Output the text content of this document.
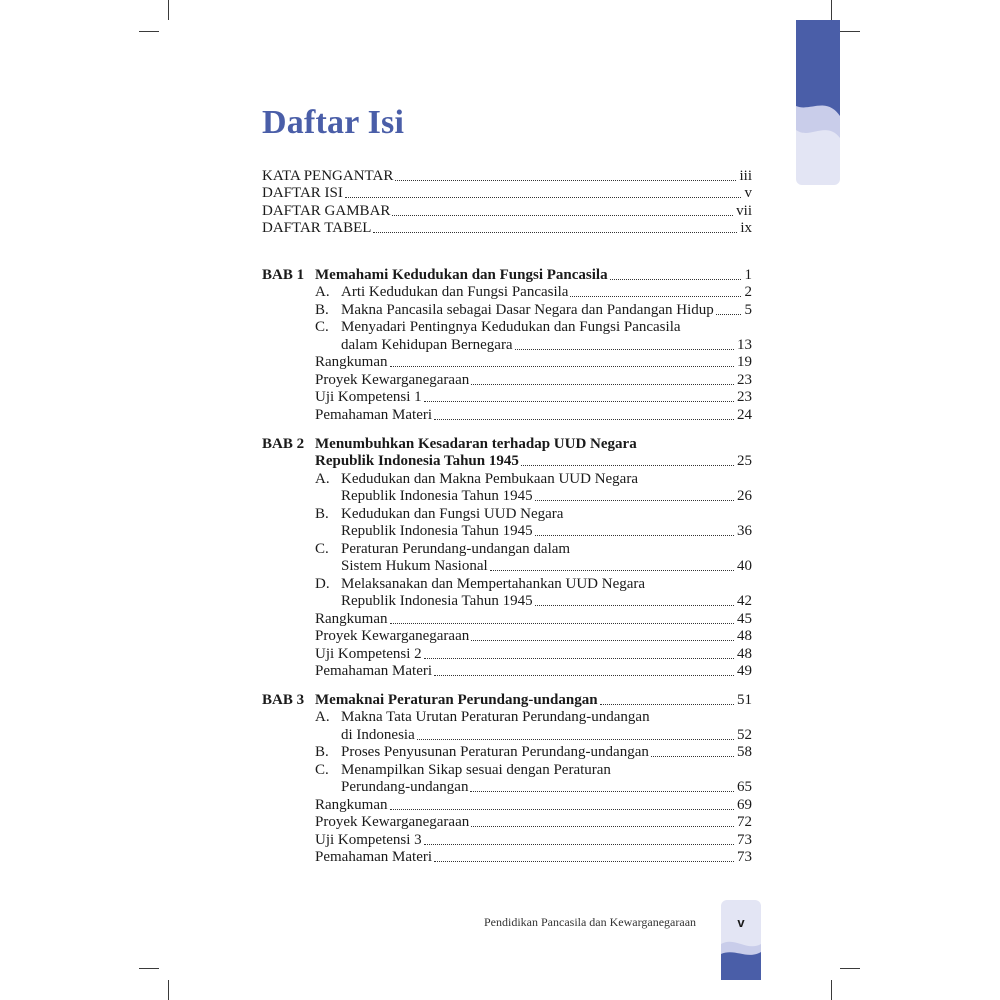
Daftar Isi
KATA PENGANTAR	iii
DAFTAR ISI	v
DAFTAR GAMBAR	vii
DAFTAR TABEL	ix
BAB 1 Memahami Kedudukan dan Fungsi Pancasila	1
A. Arti Kedudukan dan Fungsi Pancasila	2
B. Makna Pancasila sebagai Dasar Negara dan Pandangan Hidup 5
C. Menyadari Pentingnya Kedudukan dan Fungsi Pancasila
dalam Kehidupan Bernegara	13
Rangkuman	19
Proyek Kewarganegaraan	23
Uji Kompetensi 1	23
Pemahaman Materi	24
BAB 2 Menumbuhkan Kesadaran terhadap UUD Negara
Republik Indonesia Tahun 1945	25
A. Kedudukan dan Makna Pembukaan UUD Negara
Republik Indonesia Tahun 1945	26
B. Kedudukan dan Fungsi UUD Negara
Republik Indonesia Tahun 1945	36
C. Peraturan Perundang-undangan dalam
Sistem Hukum Nasional	40
D. Melaksanakan dan Mempertahankan UUD Negara
Republik Indonesia Tahun 1945	42
Rangkuman	45
Proyek Kewarganegaraan	48
Uji Kompetensi 2	48
Pemahaman Materi	49
BAB 3 Memaknai Peraturan Perundang-undangan	51
A. Makna Tata Urutan Peraturan Perundang-undangan
di Indonesia	52
B. Proses Penyusunan Peraturan Perundang-undangan	58
C. Menampilkan Sikap sesuai dengan Peraturan
Perundang-undangan	65
Rangkuman	69
Proyek Kewarganegaraan	72
Uji Kompetensi 3	73
Pemahaman Materi	73
Pendidikan Pancasila dan Kewarganegaraan	v
